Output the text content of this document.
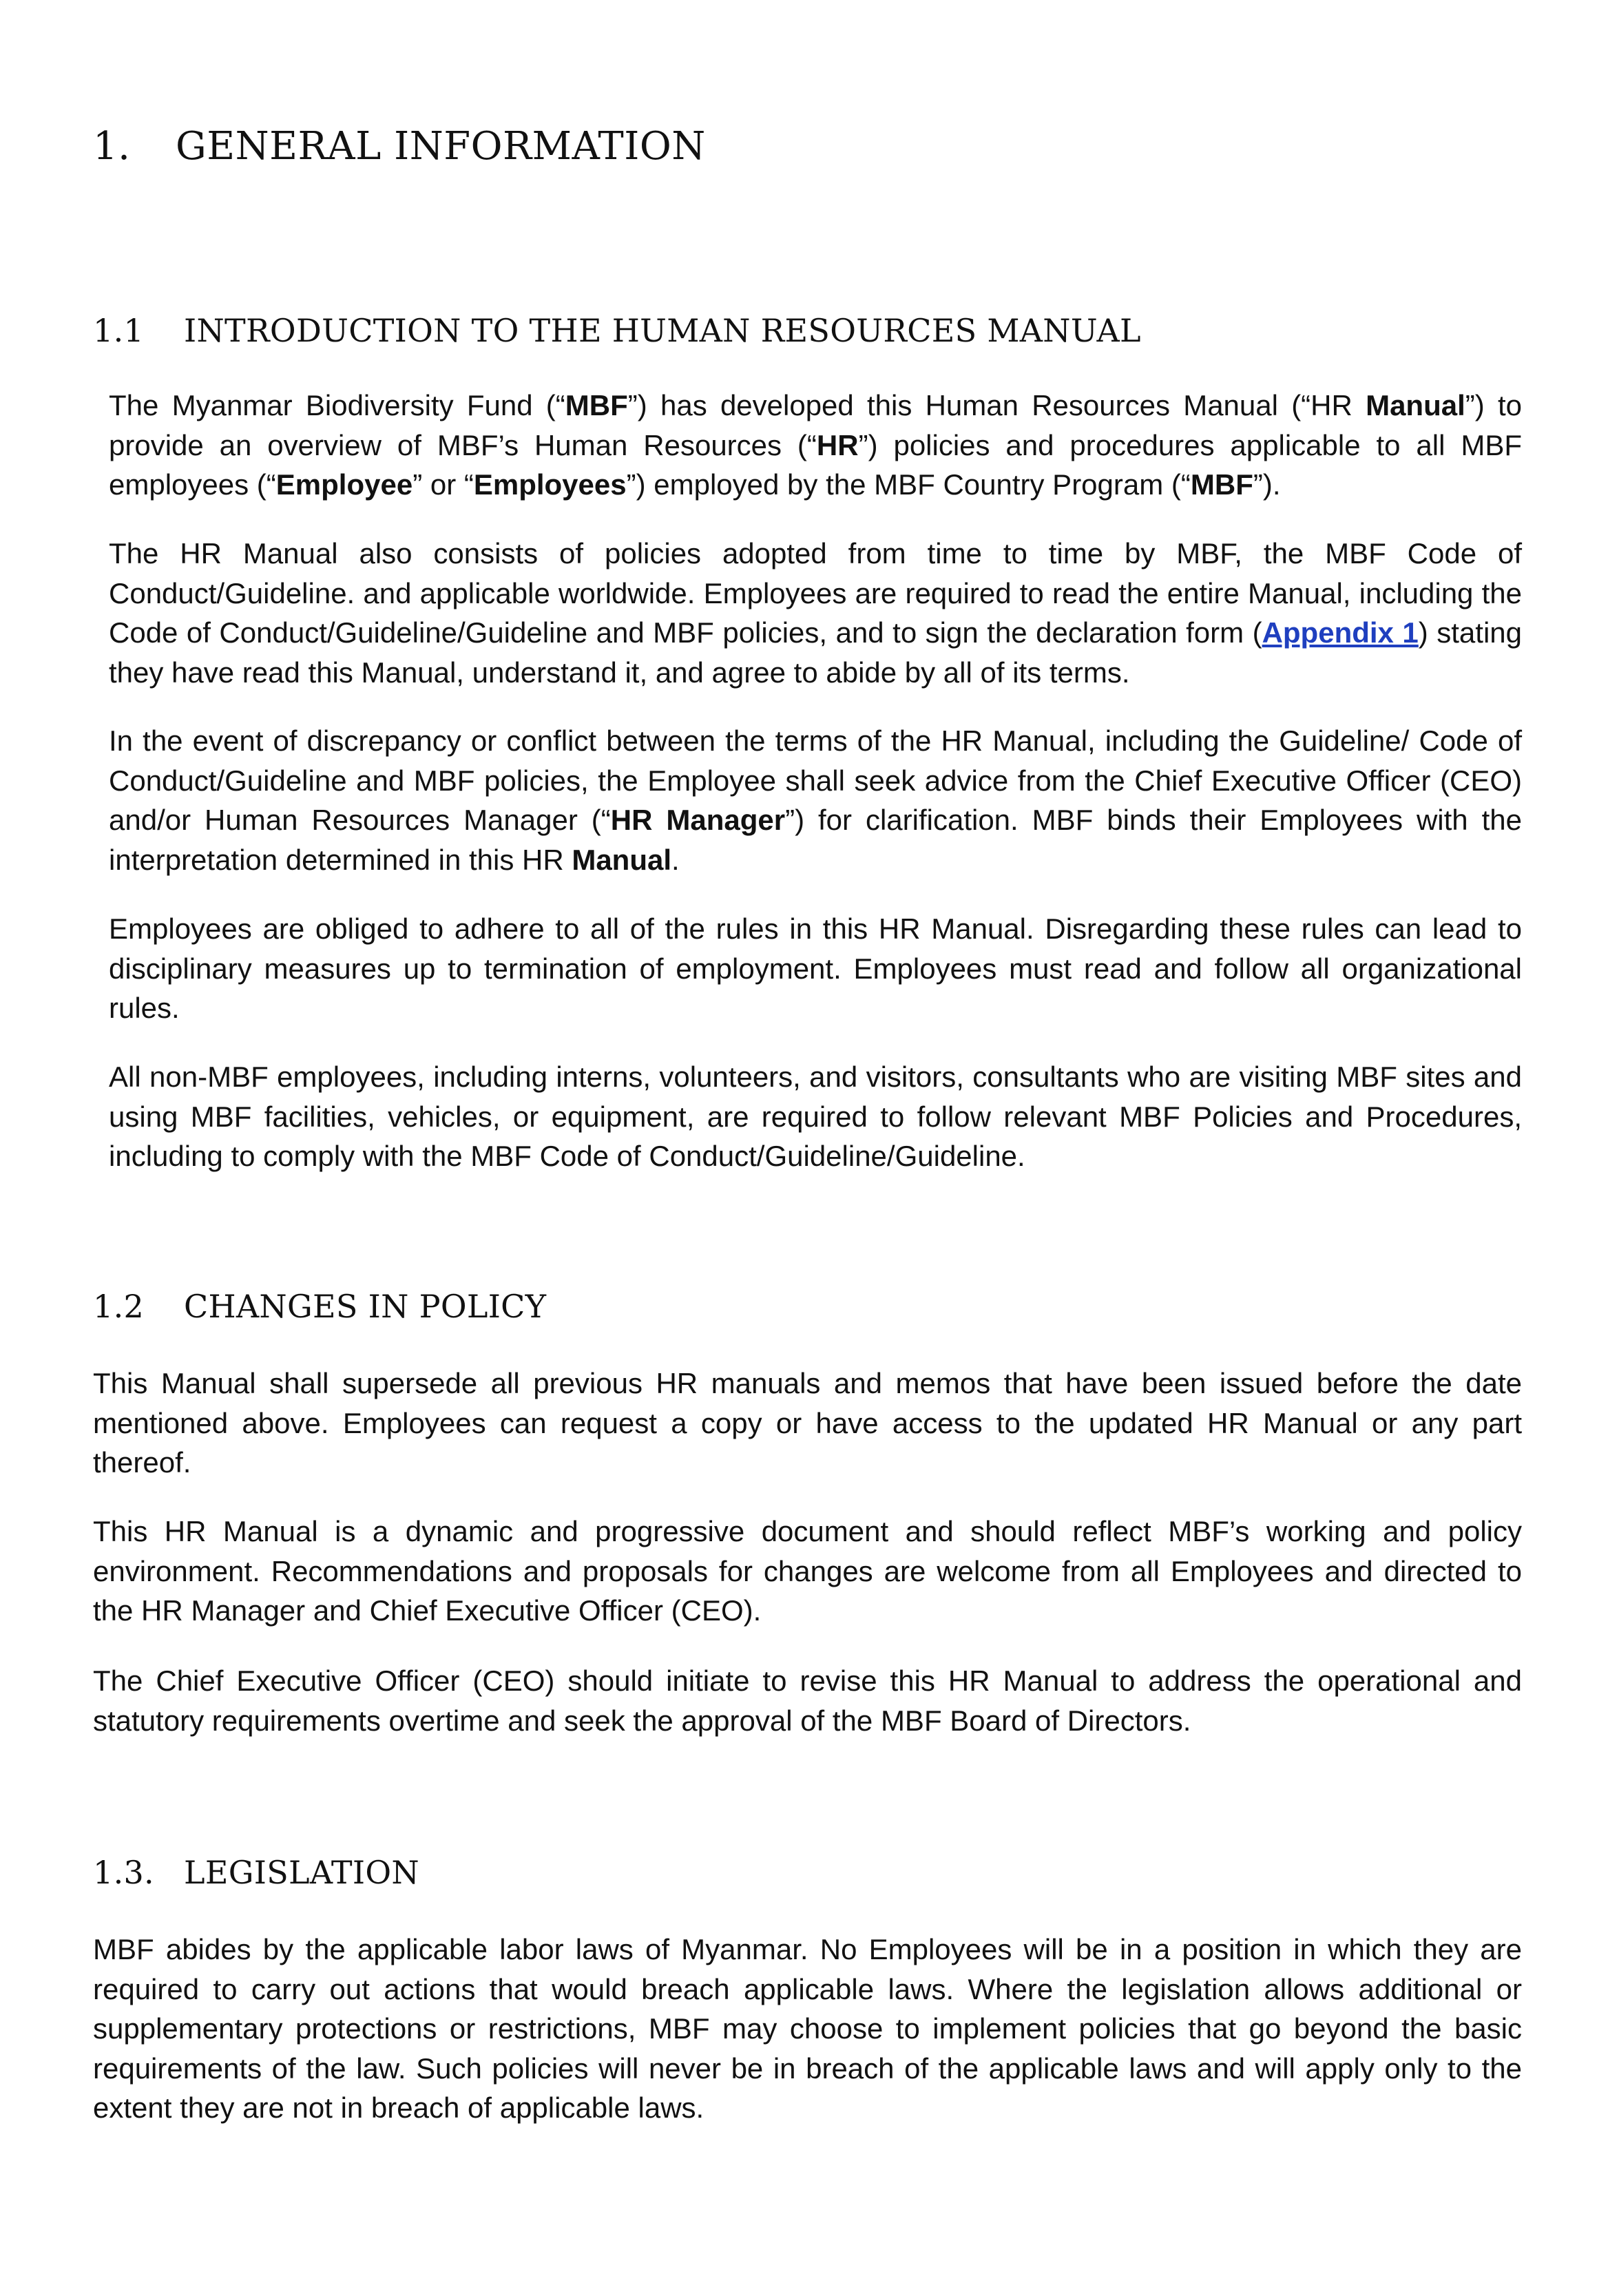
1. GENERAL INFORMATION
1.1 INTRODUCTION TO THE HUMAN RESOURCES MANUAL

The Myanmar Biodiversity Fund (“MBF”) has developed this Human Resources Manual (“HR Manual”) to provide an overview of MBF’s Human Resources (“HR”) policies and procedures applicable to all MBF employees (“Employee” or “Employees”) employed by the MBF Country Program (“MBF”).

The HR Manual also consists of policies adopted from time to time by MBF, the MBF Code of Conduct/Guideline. and applicable worldwide. Employees are required to read the entire Manual, including the Code of Conduct/Guideline/Guideline and MBF policies, and to sign the declaration form (Appendix 1) stating they have read this Manual, understand it, and agree to abide by all of its terms.

In the event of discrepancy or conflict between the terms of the HR Manual, including the Guideline/ Code of Conduct/Guideline and MBF policies, the Employee shall seek advice from the Chief Executive Officer (CEO) and/or Human Resources Manager (“HR Manager”) for clarification. MBF binds their Employees with the interpretation determined in this HR Manual.

Employees are obliged to adhere to all of the rules in this HR Manual. Disregarding these rules can lead to disciplinary measures up to termination of employment. Employees must read and follow all organizational rules.

All non-MBF employees, including interns, volunteers, and visitors, consultants who are visiting MBF sites and using MBF facilities, vehicles, or equipment, are required to follow relevant MBF Policies and Procedures, including to comply with the MBF Code of Conduct/Guideline/Guideline.

1.2 CHANGES IN POLICY

This Manual shall supersede all previous HR manuals and memos that have been issued before the date mentioned above. Employees can request a copy or have access to the updated HR Manual or any part thereof.

This HR Manual is a dynamic and progressive document and should reflect MBF’s working and policy environment. Recommendations and proposals for changes are welcome from all Employees and directed to the HR Manager and Chief Executive Officer (CEO).

The Chief Executive Officer (CEO) should initiate to revise this HR Manual to address the operational and statutory requirements overtime and seek the approval of the MBF Board of Directors.

1.3. LEGISLATION

MBF abides by the applicable labor laws of Myanmar. No Employees will be in a position in which they are required to carry out actions that would breach applicable laws. Where the legislation allows additional or supplementary protections or restrictions, MBF may choose to implement policies that go beyond the basic requirements of the law. Such policies will never be in breach of the applicable laws and will apply only to the extent they are not in breach of applicable laws.
